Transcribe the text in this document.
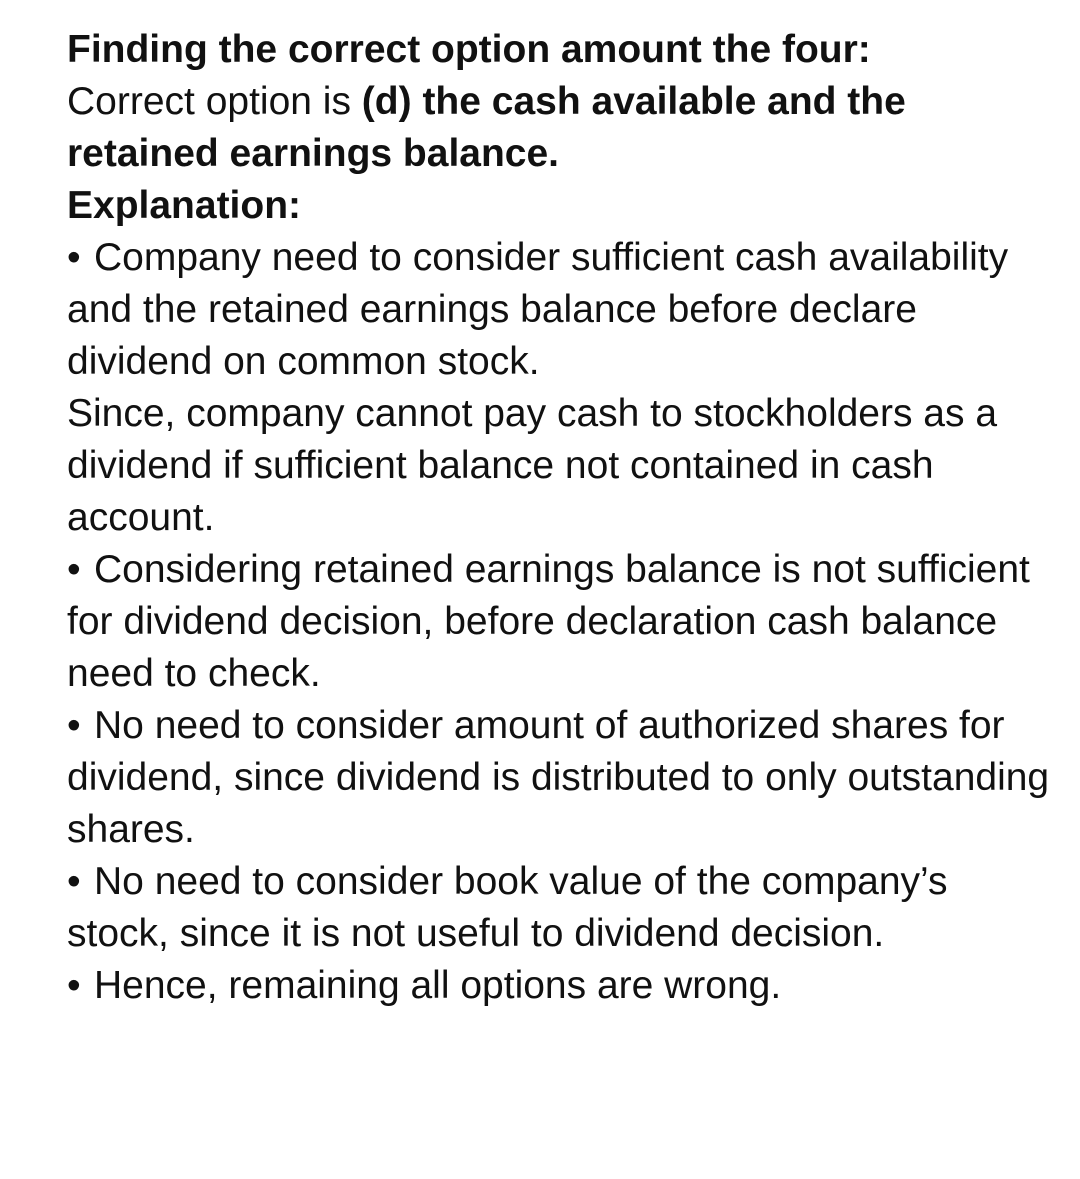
Finding the correct option amount the four:

Correct option is (d) the cash available and the retained earnings balance.

Explanation:

• Company need to consider sufficient cash availability and the retained earnings balance before declare dividend on common stock.

Since, company cannot pay cash to stockholders as a dividend if sufficient balance not contained in cash account.

• Considering retained earnings balance is not sufficient for dividend decision, before declaration cash balance need to check.

• No need to consider amount of authorized shares for dividend, since dividend is distributed to only outstanding shares.

• No need to consider book value of the company’s stock, since it is not useful to dividend decision.

• Hence, remaining all options are wrong.
